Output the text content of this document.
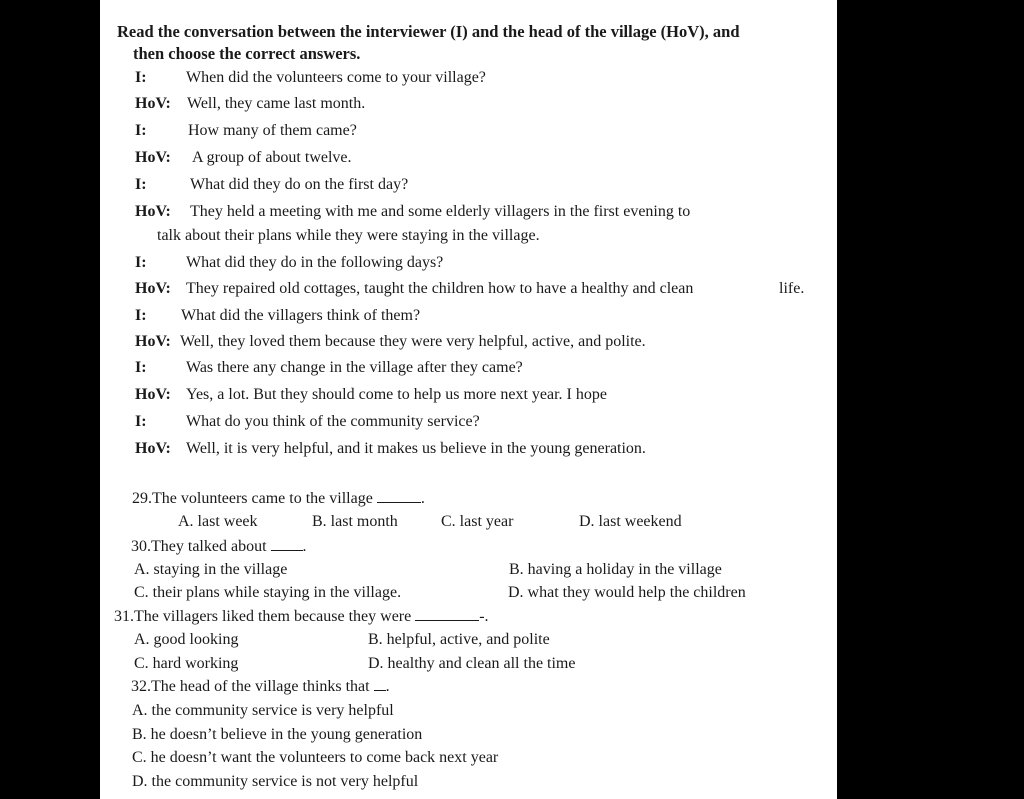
Read the conversation between the interviewer (I) and the head of the village (HoV), and
then choose the correct answers.
I: When did the volunteers come to your village?
HoV: Well, they came last month.
I:	How many of them came?
HoV: A group of about twelve.
I:	What did they do on the first day?
HoV: They held a meeting with me and some elderly villagers in the first evening to
talk about their plans while they were staying in the village.
I: What did they do in the following days?
HoV: They repaired old cottages, taught the children how to have a healthy and clean	life.
I: What did the villagers think of them?
HoV: Well, they loved them because they were very helpful, active, and polite.
I: Was there any change in the village after they came?
HoV: Yes, a lot. But they should come to help us more next year. I hope
I: What do you think of the community service?
HoV: Well, it is very helpful, and it makes us believe in the young generation.
29.The volunteers came to the village	.
A. last week	B. last month	C. last year	D. last weekend
30.They talked about .
A. staying in the village	B. having a holiday in the village
C. their plans while staying in the village.	D. what they would help the children
31.The villagers liked them because they were	-.
A. good looking	B. helpful, active, and polite
C. hard working	D. healthy and clean all the time
32.The head of the village thinks that .
A. the community service is very helpful
B. he doesn’t believe in the young generation
C. he doesn’t want the volunteers to come back next year
D. the community service is not very helpful
